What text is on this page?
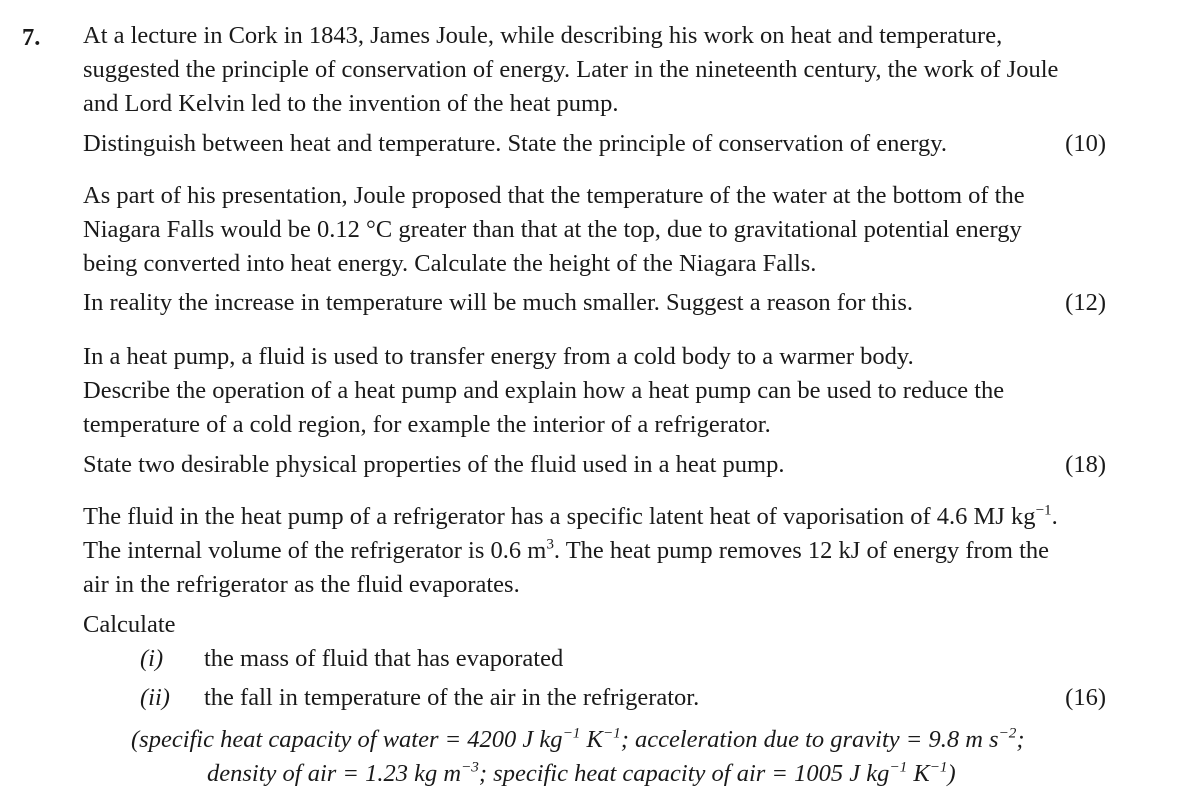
7. At a lecture in Cork in 1843, James Joule, while describing his work on heat and temperature,
suggested the principle of conservation of energy. Later in the nineteenth century, the work of Joule
and Lord Kelvin led to the invention of the heat pump.
Distinguish between heat and temperature. State the principle of conservation of energy.	(10)
As part of his presentation, Joule proposed that the temperature of the water at the bottom of the
Niagara Falls would be 0.12 °C greater than that at the top, due to gravitational potential energy
being converted into heat energy. Calculate the height of the Niagara Falls.
In reality the increase in temperature will be much smaller. Suggest a reason for this.	(12)
In a heat pump, a fluid is used to transfer energy from a cold body to a warmer body.
Describe the operation of a heat pump and explain how a heat pump can be used to reduce the
temperature of a cold region, for example the interior of a refrigerator.
State two desirable physical properties of the fluid used in a heat pump.	(18)
The fluid in the heat pump of a refrigerator has a specific latent heat of vaporisation of 4.6 MJ $kg^{-1}$.
The internal volume of the refrigerator is 0.6 $m^3$. The heat pump removes 12 kJ of energy from the
air in the refrigerator as the fluid evaporates.
Calculate
(i) the mass of fluid that has evaporated
(ii) the fall in temperature of the air in the refrigerator.	(16)
(specific heat capacity of water = 4200 J $kg^{-1}$ $K^{-1}$; acceleration due to gravity = 9.8 m $s^{-2}$;
density of air = 1.23 kg $m^{-3}$; specific heat capacity of air = 1005 J $kg^{-1}$ $K^{-1}$)
